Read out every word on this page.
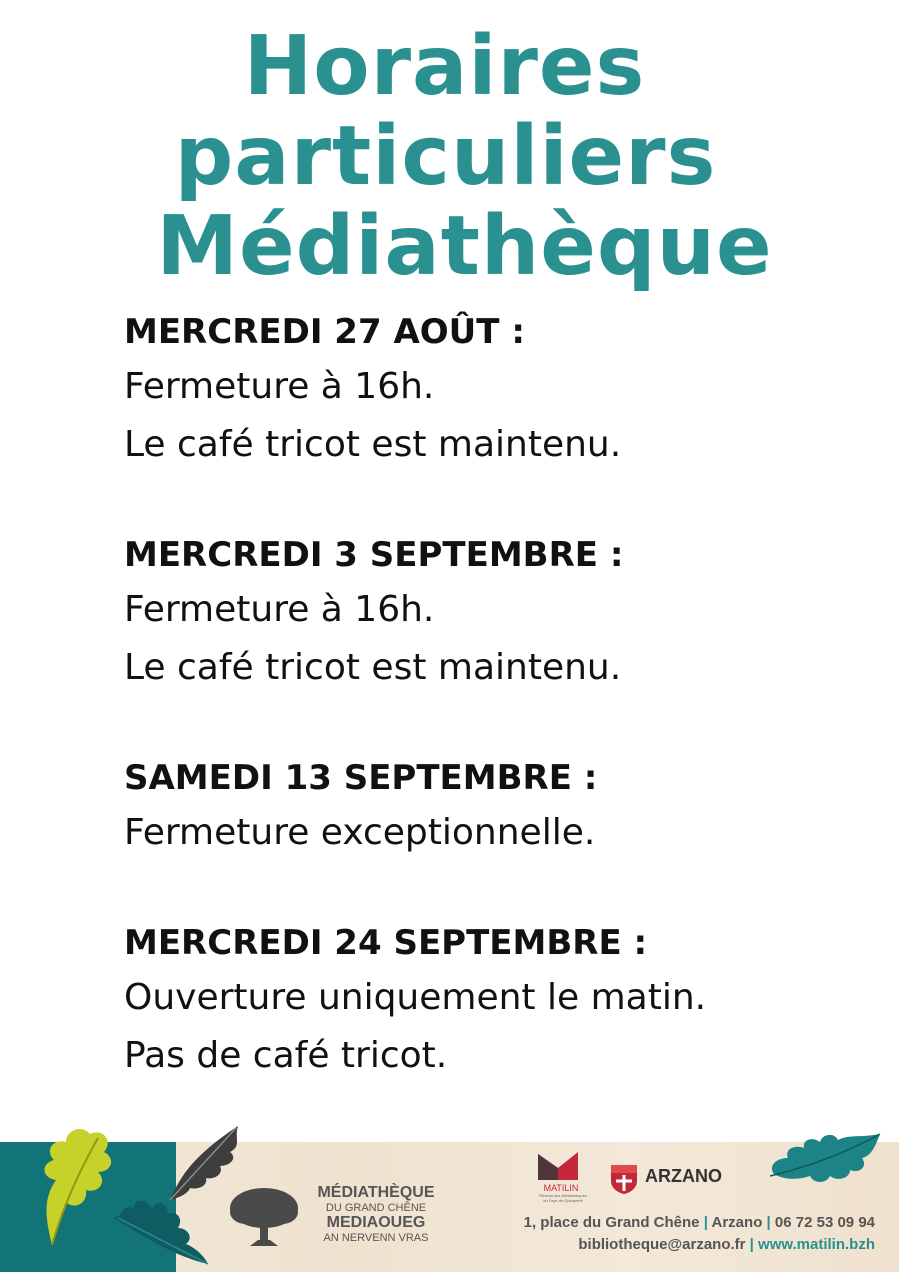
Horaires
particuliers
Médiathèque
MERCREDI 27 AOÛT :
Fermeture à 16h.
Le café tricot est maintenu.
MERCREDI 3 SEPTEMBRE :
Fermeture à 16h.
Le café tricot est maintenu.
SAMEDI 13 SEPTEMBRE :
Fermeture exceptionnelle.
MERCREDI 24 SEPTEMBRE :
Ouverture uniquement le matin.
Pas de café tricot.
MÉDIATHÈQUE
DU GRAND CHÊNE
MEDIAOUEG
AN NERVENN VRAS
MATILIN
Réseau des Médiathèques du Pays de Quimperlé
ARZANO
1, place du Grand Chêne | Arzano | 06 72 53 09 94
bibliotheque@arzano.fr | www.matilin.bzh
